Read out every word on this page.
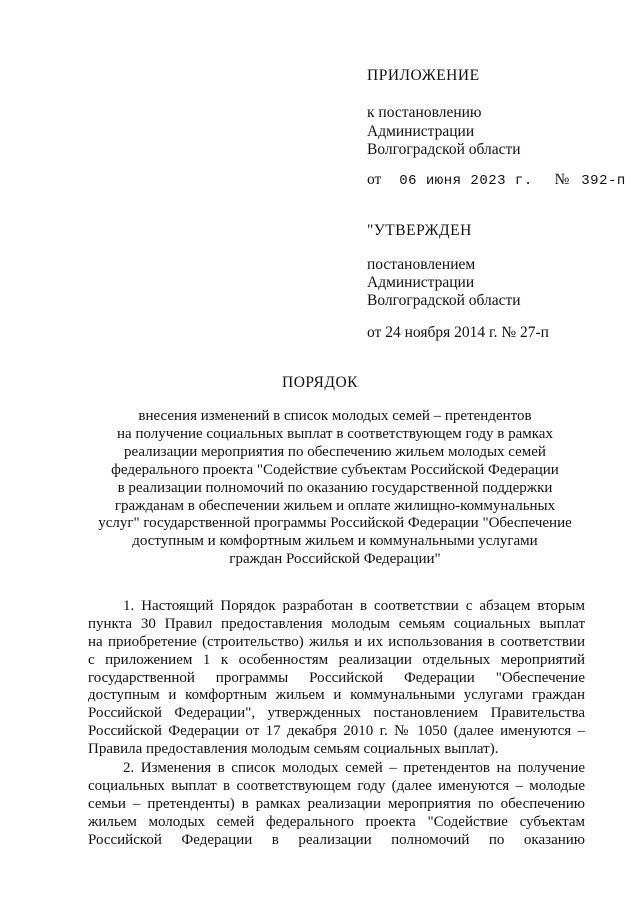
ПРИЛОЖЕНИЕ
к постановлению
Администрации
Волгоградской области
от 06 июня 2023 г. № 392-п
"УТВЕРЖДЕН
постановлением
Администрации
Волгоградской области
от 24 ноября 2014 г. № 27-п
ПОРЯДОК
внесения изменений в список молодых семей – претендентов
на получение социальных выплат в соответствующем году в рамках
реализации мероприятия по обеспечению жильем молодых семей
федерального проекта "Содействие субъектам Российской Федерации
в реализации полномочий по оказанию государственной поддержки
гражданам в обеспечении жильем и оплате жилищно-коммунальных
услуг" государственной программы Российской Федерации "Обеспечение
доступным и комфортным жильем и коммунальными услугами
граждан Российской Федерации"
1. Настоящий Порядок разработан в соответствии с абзацем вторым
пункта 30 Правил предоставления молодым семьям социальных выплат
на приобретение (строительство) жилья и их использования в соответствии
с приложением 1 к особенностям реализации отдельных мероприятий
государственной программы Российской Федерации "Обеспечение
доступным и комфортным жильем и коммунальными услугами граждан
Российской Федерации", утвержденных постановлением Правительства
Российской Федерации от 17 декабря 2010 г. № 1050 (далее именуются –
Правила предоставления молодым семьям социальных выплат).
2. Изменения в список молодых семей – претендентов на получение
социальных выплат в соответствующем году (далее именуются – молодые
семьи – претенденты) в рамках реализации мероприятия по обеспечению
жильем молодых семей федерального проекта "Содействие субъектам
Российской Федерации в реализации полномочий по оказанию
